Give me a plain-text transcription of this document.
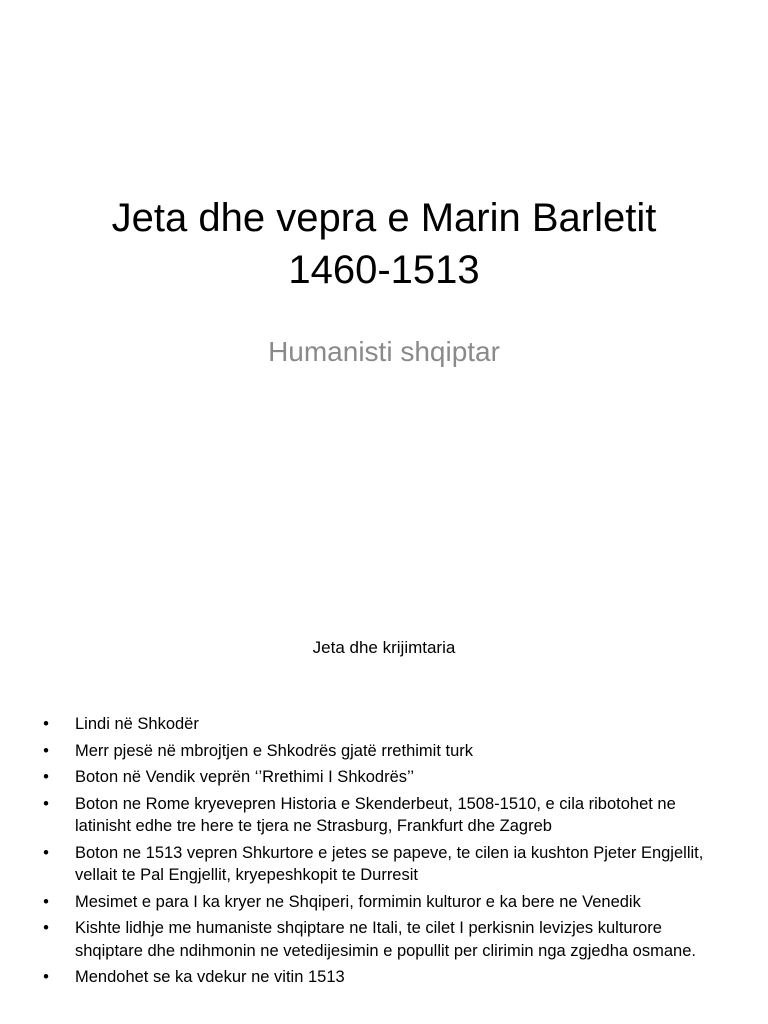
Jeta dhe vepra e Marin Barletit
1460-1513
Humanisti shqiptar
Jeta dhe krijimtaria
• Lindi në Shkodër
• Merr pjesë në mbrojtjen e Shkodrës gjatë rrethimit turk
• Boton në Vendik veprën ‘’Rrethimi I Shkodrës’’
• Boton ne Rome kryevepren Historia e Skenderbeut, 1508-1510, e cila ribotohet ne latinisht edhe tre here te tjera ne Strasburg, Frankfurt dhe Zagreb
• Boton ne 1513 vepren Shkurtore e jetes se papeve, te cilen ia kushton Pjeter Engjellit, vellait te Pal Engjellit, kryepeshkopit te Durresit
• Mesimet e para I ka kryer ne Shqiperi, formimin kulturor e ka bere ne Venedik
• Kishte lidhje me humaniste shqiptare ne Itali, te cilet I perkisnin levizjes kulturore shqiptare dhe ndihmonin ne vetedijesimin e popullit per clirimin nga zgjedha osmane.
• Mendohet se ka vdekur ne vitin 1513
